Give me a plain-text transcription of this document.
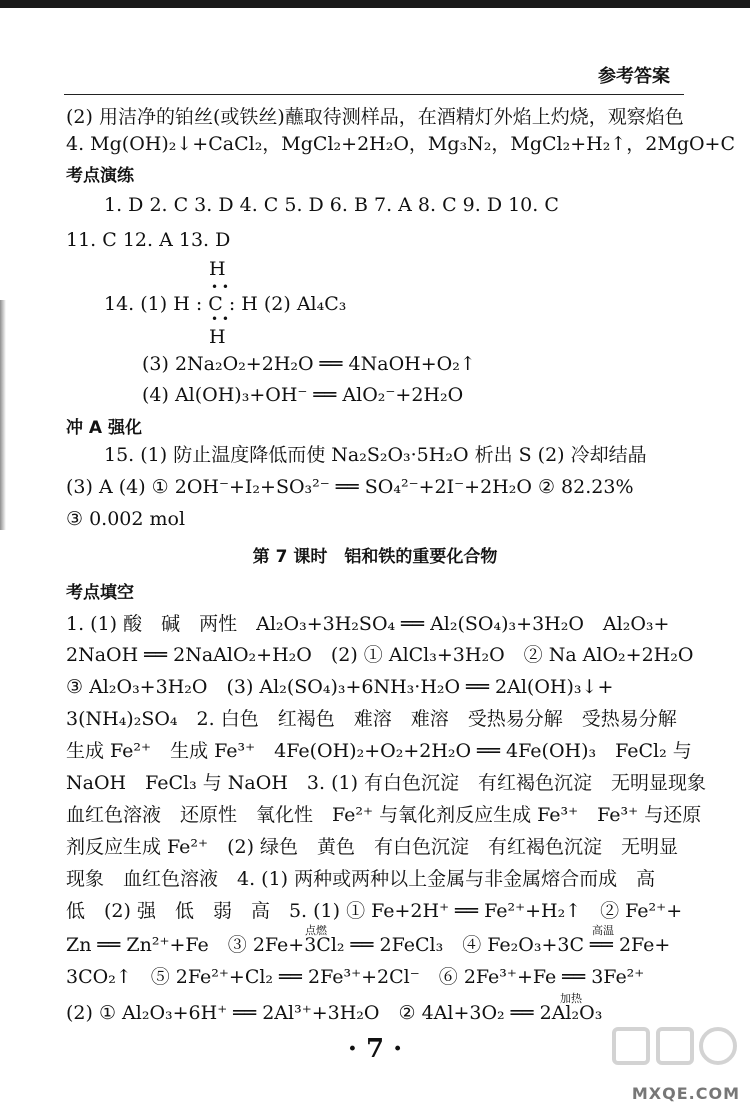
参考答案
(2) 用洁净的铂丝(或铁丝)蘸取待测样品，在酒精灯外焰上灼烧，观察焰色
4. Mg(OH)₂↓+CaCl₂，MgCl₂+2H₂O，Mg₃N₂，MgCl₂+H₂↑，2MgO+C
考点演练
1. D 2. C 3. D 4. C 5. D 6. B 7. A 8. C 9. D 10. C
11. C 12. A 13. D
H
• •
14. (1) H : C : H (2) Al₄C₃
• •
H
(3) 2Na₂O₂+2H₂O ══ 4NaOH+O₂↑
(4) Al(OH)₃+OH⁻ ══ AlO₂⁻+2H₂O
冲 A 强化
15. (1) 防止温度降低而使 Na₂S₂O₃·5H₂O 析出 S (2) 冷却结晶
(3) A (4) ① 2OH⁻+I₂+SO₃²⁻ ══ SO₄²⁻+2I⁻+2H₂O ② 82.23%
③ 0.002 mol
第 7 课时　铝和铁的重要化合物
考点填空
1. (1) 酸　碱　两性　Al₂O₃+3H₂SO₄ ══ Al₂(SO₄)₃+3H₂O　Al₂O₃+
2NaOH ══ 2NaAlO₂+H₂O　(2) ① AlCl₃+3H₂O　② Na AlO₂+2H₂O
③ Al₂O₃+3H₂O　(3) Al₂(SO₄)₃+6NH₃·H₂O ══ 2Al(OH)₃↓+
3(NH₄)₂SO₄　2. 白色　红褐色　难溶　难溶　受热易分解　受热易分解
生成 Fe²⁺　生成 Fe³⁺　4Fe(OH)₂+O₂+2H₂O ══ 4Fe(OH)₃　FeCl₂ 与
NaOH　FeCl₃ 与 NaOH　3. (1) 有白色沉淀　有红褐色沉淀　无明显现象
血红色溶液　还原性　氧化性　Fe²⁺ 与氧化剂反应生成 Fe³⁺　Fe³⁺ 与还原
剂反应生成 Fe²⁺　(2) 绿色　黄色　有白色沉淀　有红褐色沉淀　无明显
现象　血红色溶液　4. (1) 两种或两种以上金属与非金属熔合而成　高
低　(2) 强　低　弱　高　5. (1) ① Fe+2H⁺ ══ Fe²⁺+H₂↑　② Fe²⁺+
点燃	高温
Zn ══ Zn²⁺+Fe　③ 2Fe+3Cl₂ ══ 2FeCl₃　④ Fe₂O₃+3C ══ 2Fe+
3CO₂↑　⑤ 2Fe²⁺+Cl₂ ══ 2Fe³⁺+2Cl⁻　⑥ 2Fe³⁺+Fe ══ 3Fe²⁺
加热
(2) ① Al₂O₃+6H⁺ ══ 2Al³⁺+3H₂O　② 4Al+3O₂ ══ 2Al₂O₃
· 7 ·
MXQE.COM
